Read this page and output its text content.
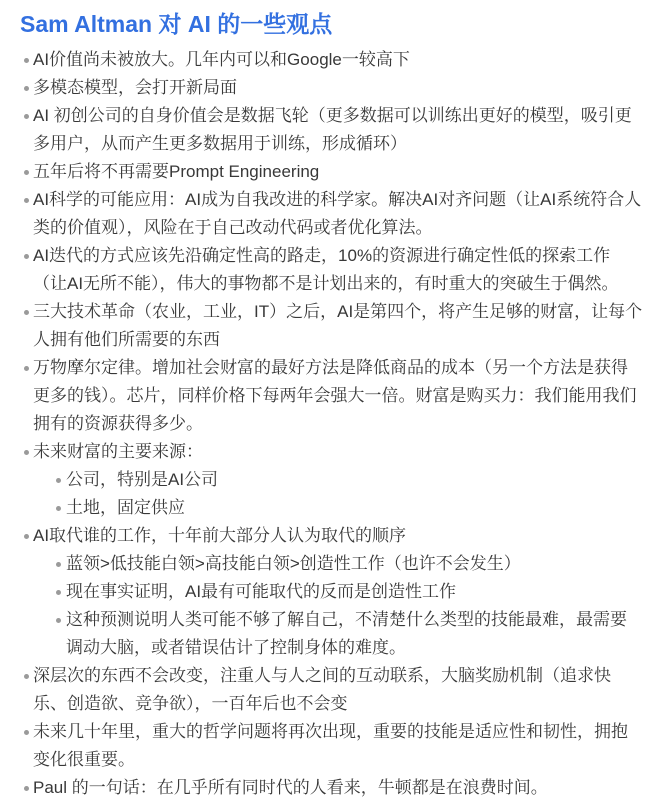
Sam Altman 对 AI 的一些观点
AI价值尚未被放大。几年内可以和Google一较高下
多模态模型，会打开新局面
AI 初创公司的自身价值会是数据飞轮（更多数据可以训练出更好的模型，吸引更多用户，从而产生更多数据用于训练，形成循环）
五年后将不再需要Prompt Engineering
AI科学的可能应用：AI成为自我改进的科学家。解决AI对齐问题（让AI系统符合人类的价值观），风险在于自己改动代码或者优化算法。
AI迭代的方式应该先沿确定性高的路走，10%的资源进行确定性低的探索工作（让AI无所不能），伟大的事物都不是计划出来的，有时重大的突破生于偶然。
三大技术革命（农业，工业，IT）之后，AI是第四个，将产生足够的财富，让每个人拥有他们所需要的东西
万物摩尔定律。增加社会财富的最好方法是降低商品的成本（另一个方法是获得更多的钱）。芯片，同样价格下每两年会强大一倍。财富是购买力：我们能用我们拥有的资源获得多少。
未来财富的主要来源：
公司，特别是AI公司
土地，固定供应
AI取代谁的工作，十年前大部分人认为取代的顺序
蓝领>低技能白领>高技能白领>创造性工作（也许不会发生）
现在事实证明，AI最有可能取代的反而是创造性工作
这种预测说明人类可能不够了解自己，不清楚什么类型的技能最难，最需要调动大脑，或者错误估计了控制身体的难度。
深层次的东西不会改变，注重人与人之间的互动联系，大脑奖励机制（追求快乐、创造欲、竞争欲），一百年后也不会变
未来几十年里，重大的哲学问题将再次出现，重要的技能是适应性和韧性，拥抱变化很重要。
Paul 的一句话：在几乎所有同时代的人看来，牛顿都是在浪费时间。
